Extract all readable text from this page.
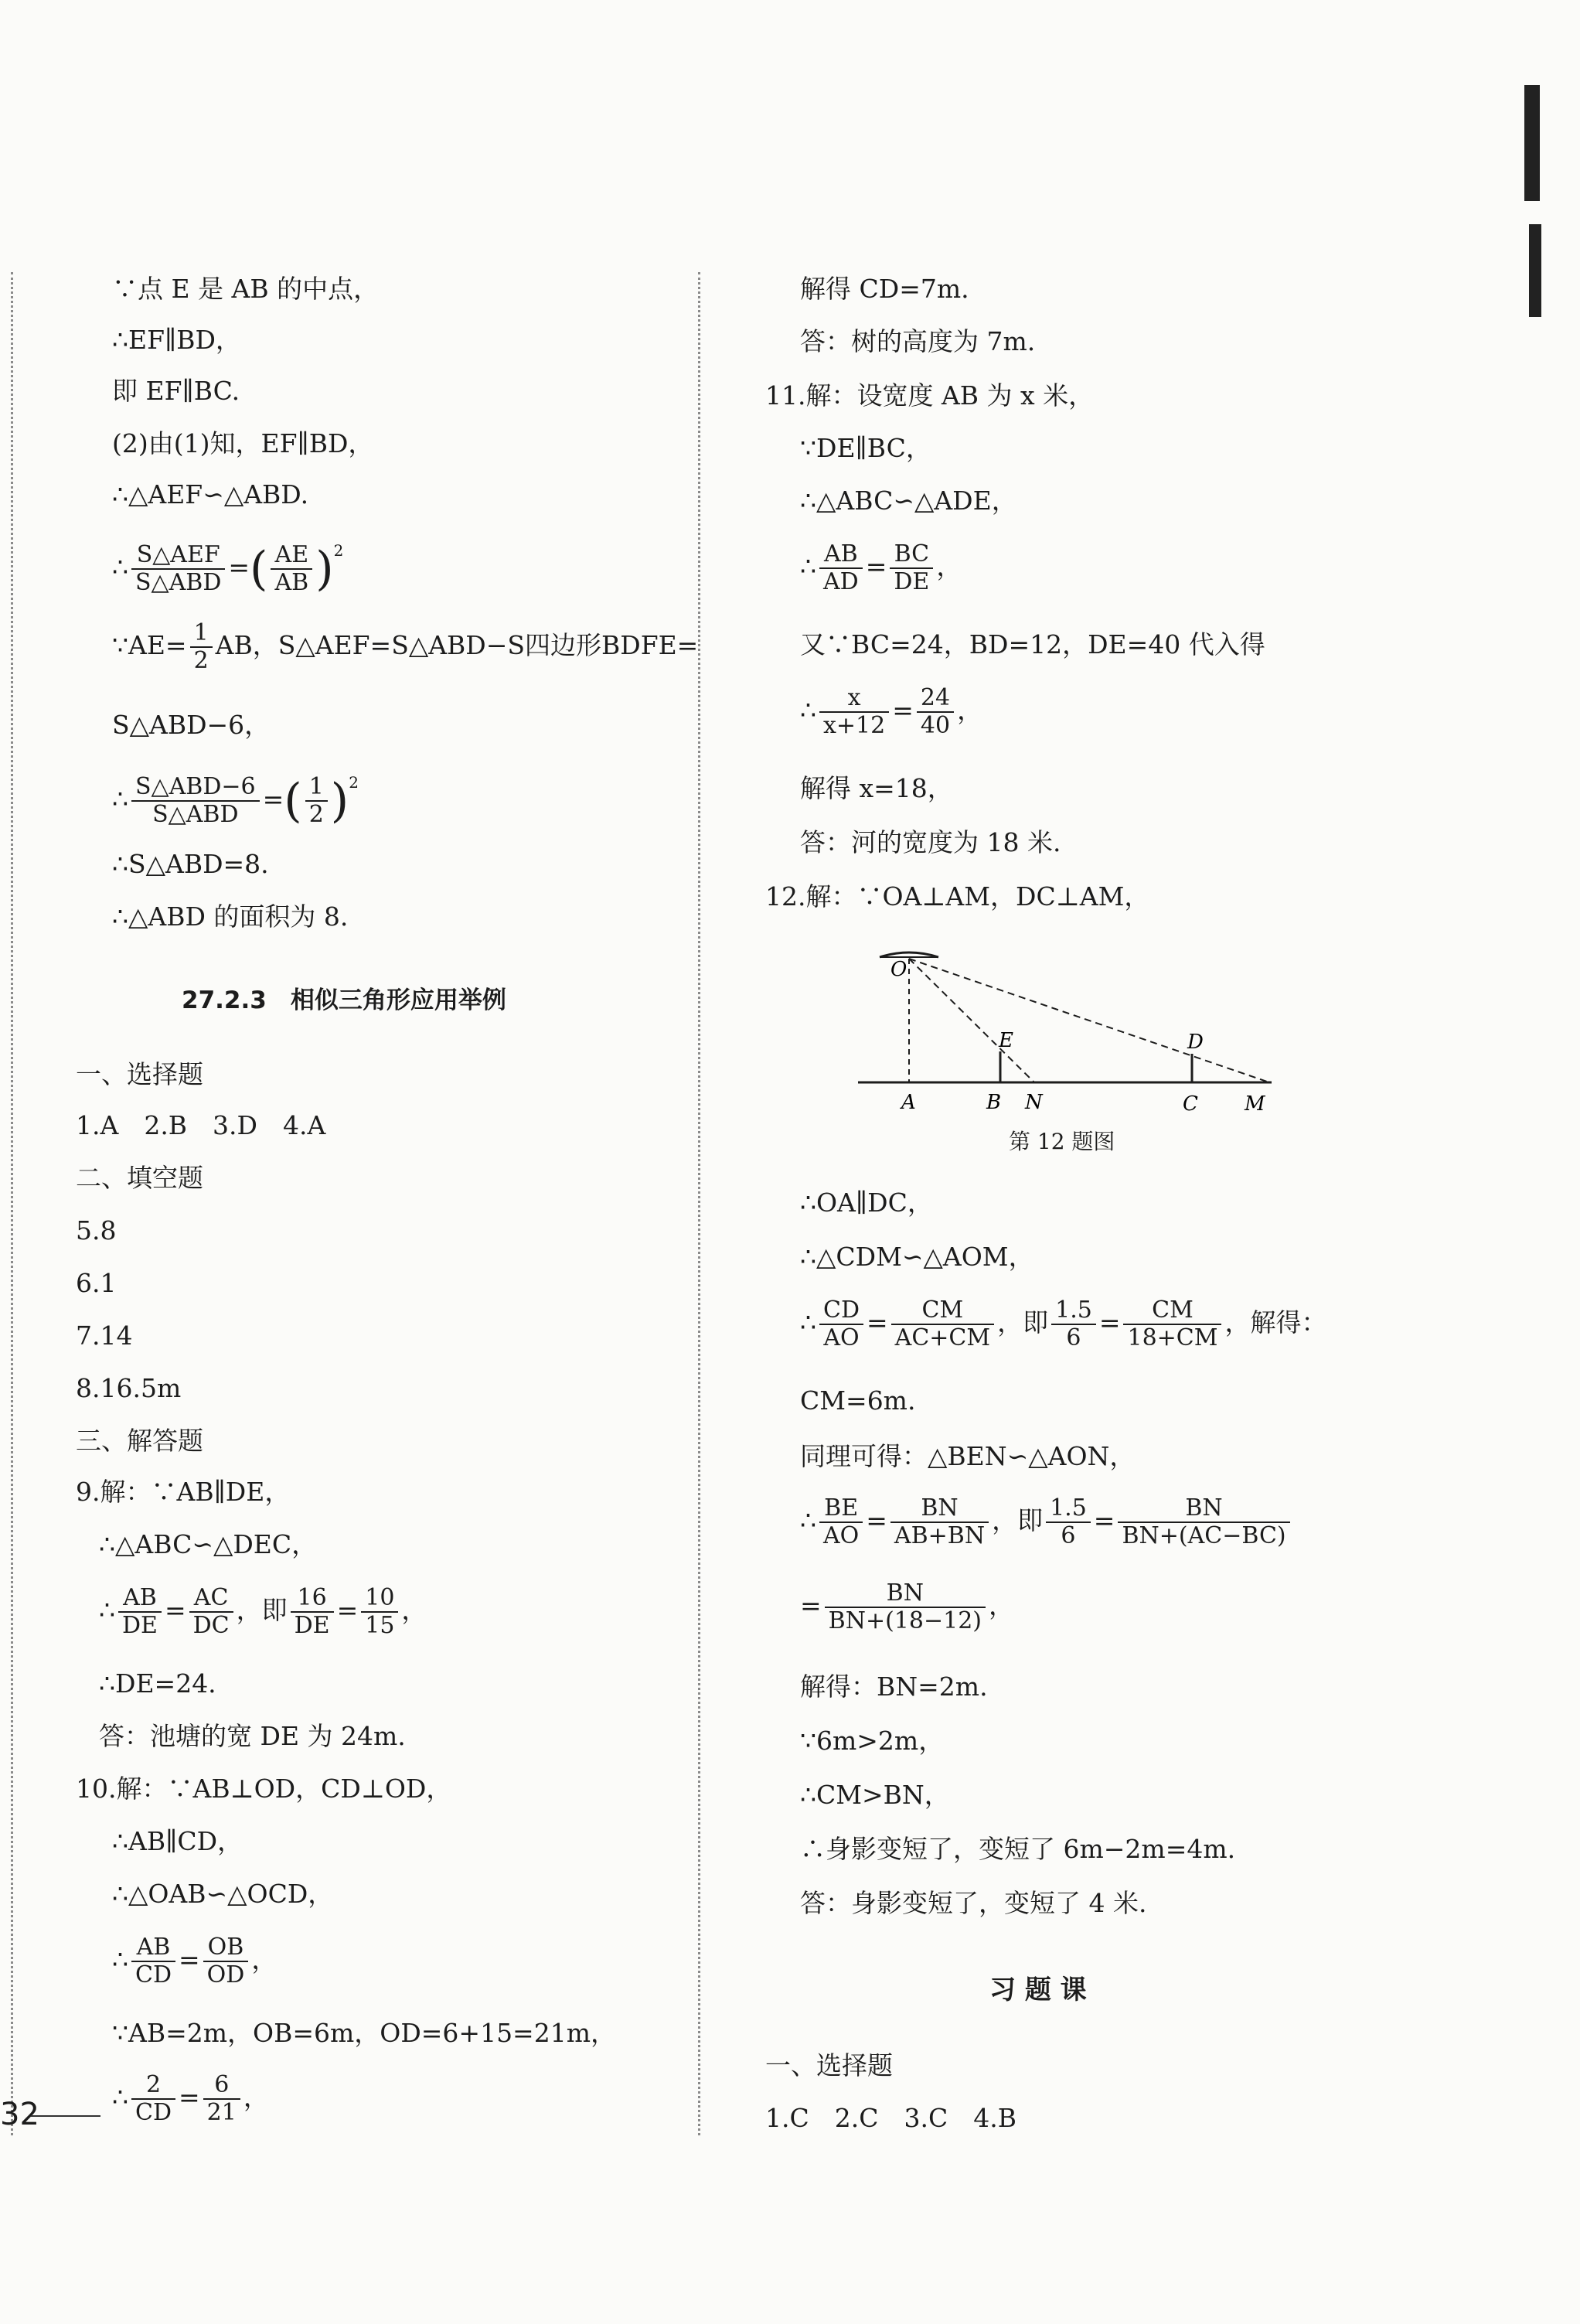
∵点 E 是 AB 的中点，
∴EF∥BD，
即 EF∥BC.
(2)由(1)知，EF∥BD，
∴△AEF∽△ABD.
∴ $\frac{\text{S△AEF}}{\text{S△ABD}}$ =( $\frac{AE}{AB} )^2$
∵AE= $\frac{1}{2}$ AB，S△AEF=S△ABD−S四边形BDFE=
S△ABD−6，
∴ $\frac{\text{S△ABD−6}}{\text{S△ABD}}$ =( $\frac{1}{2} )^2$
∴S△ABD=8.
∴△ABD 的面积为 8.
27.2.3　相似三角形应用举例
一、选择题
1.A　2.B　3.D　4.A
二、填空题
5.8
6.1
7.14
8.16.5m
三、解答题
9.解：∵AB∥DE，
∴△ABC∽△DEC，
∴ $\frac{AB}{DE} = \frac{AC}{DC}$ ，即 $\frac{16}{DE} = \frac{10}{15}$ ，
∴DE=24.
答：池塘的宽 DE 为 24m.
10.解：∵AB⊥OD，CD⊥OD，
∴AB∥CD，
∴△OAB∽△OCD，
∴ $\frac{AB}{CD} = \frac{OB}{OD}$ ，
∵AB=2m，OB=6m，OD=6+15=21m，
∴ $\frac{2}{CD} = \frac{6}{21}$ ，
解得 CD=7m.
答：树的高度为 7m.
11.解：设宽度 AB 为 x 米，
∵DE∥BC，
∴△ABC∽△ADE，
∴ $\frac{AB}{AD} = \frac{BC}{DE}$ ，
又∵BC=24，BD=12，DE=40 代入得
∴ $\frac{x}{x+12} = \frac{24}{40}$ ，
解得 x=18，
答：河的宽度为 18 米.
12.解：∵OA⊥AM，DC⊥AM，
O
E	D
A	B N	C M
第 12 题图
∴OA∥DC，
∴△CDM∽△AOM，
∴ $\frac{CD}{AO} = \frac{CM}{AC+CM}$ ，即 $\frac{1.5}{6} = \frac{CM}{18+CM}$ ，解得：
CM=6m.
同理可得：△BEN∽△AON，
∴ $\frac{BE}{AO} = \frac{BN}{AB+BN}$ ，即 $\frac{1.5}{6} = \frac{BN}{BN+(AC-BC)}$
= $\frac{BN}{BN+(18-12)}$ ，
解得：BN=2m.
∵6m>2m，
∴CM>BN，
∴身影变短了，变短了 6m−2m=4m.
答：身影变短了，变短了 4 米.
习 题 课
一、选择题
1.C　2.C　3.C　4.B
32
